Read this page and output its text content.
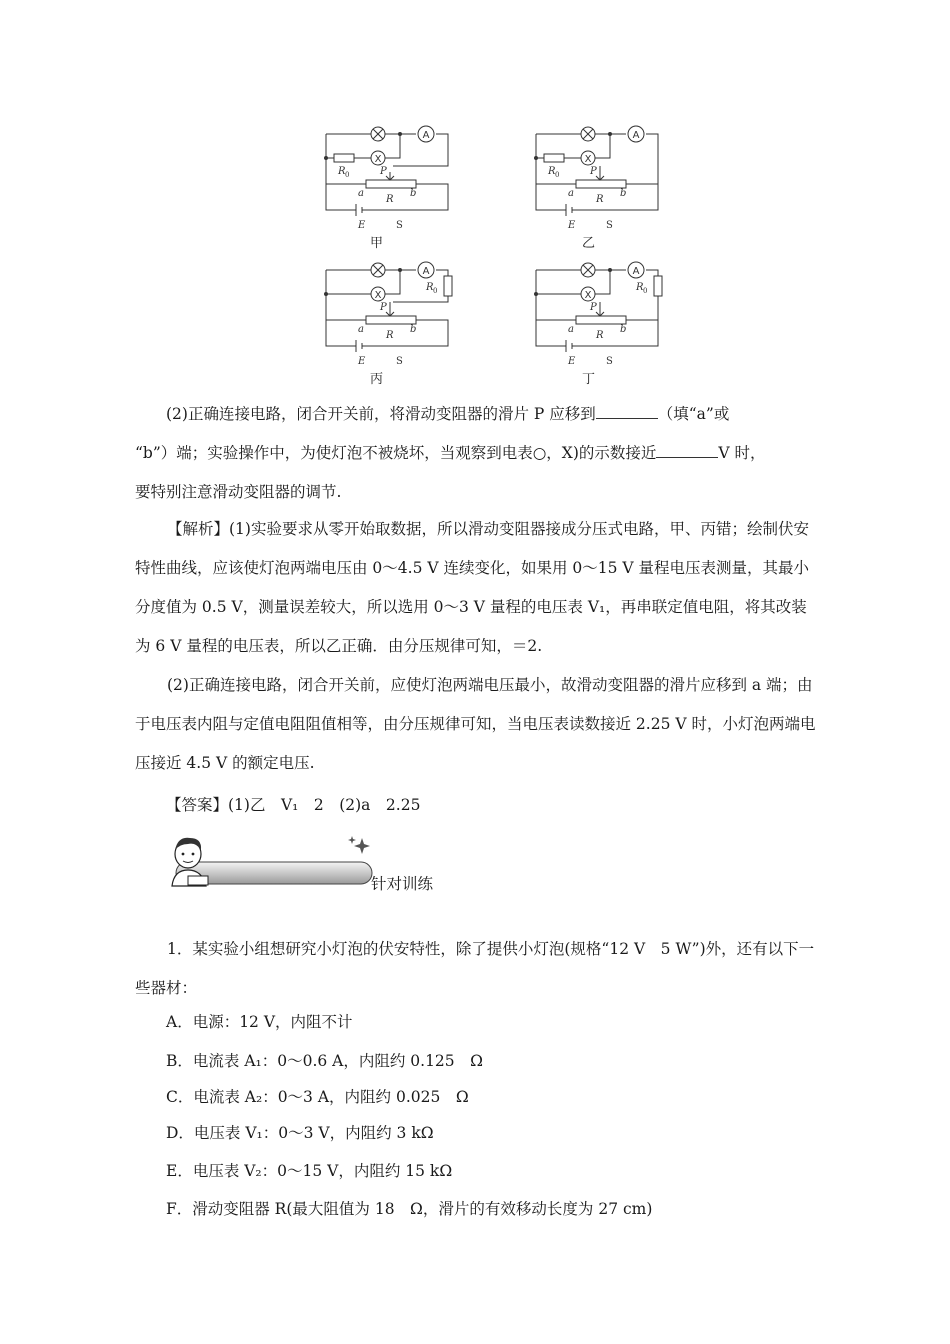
A
X
R 0	P
a	b
R
E	S
A
X
R 0	P
a	b
R
E	S
A
X
R 0
P
a	b
R
E	S
A
X
R 0
P
a	b
R
E	S
甲	乙
丙	丁
(2)正确连接电路，闭合开关前，将滑动变阻器的滑片 P 应移到	（填“a”或
“b”）端；实验操作中，为使灯泡不被烧坏，当观察到电表○，X)的示数接近	V 时，
要特别注意滑动变阻器的调节.

【解析】(1)实验要求从零开始取数据，所以滑动变阻器接成分压式电路，甲、丙错；绘制伏安特性曲线，应该使灯泡两端电压由 0～4.5 V 连续变化，如果用 0～15 V 量程电压表测量，其最小分度值为 0.5 V，测量误差较大，所以选用 0～3 V 量程的电压表 V₁，再串联定值电阻，将其改装为 6 V 量程的电压表，所以乙正确．由分压规律可知，＝2.

(2)正确连接电路，闭合开关前，应使灯泡两端电压最小，故滑动变阻器的滑片应移到 a 端；由于电压表内阻与定值电阻阻值相等，由分压规律可知，当电压表读数接近 2.25 V 时，小灯泡两端电压接近 4.5 V 的额定电压.

【答案】(1)乙　V₁　2　(2)a　2.25
针对训练

1．某实验小组想研究小灯泡的伏安特性，除了提供小灯泡(规格“12 V　5 W”)外，还有以下一些器材：

A．电源：12 V，内阻不计
B．电流表 A₁：0～0.6 A，内阻约 0.125　Ω
C．电流表 A₂：0～3 A，内阻约 0.025　Ω
D．电压表 V₁：0～3 V，内阻约 3 kΩ
E．电压表 V₂：0～15 V，内阻约 15 kΩ
F．滑动变阻器 R(最大阻值为 18　Ω，滑片的有效移动长度为 27 cm)
